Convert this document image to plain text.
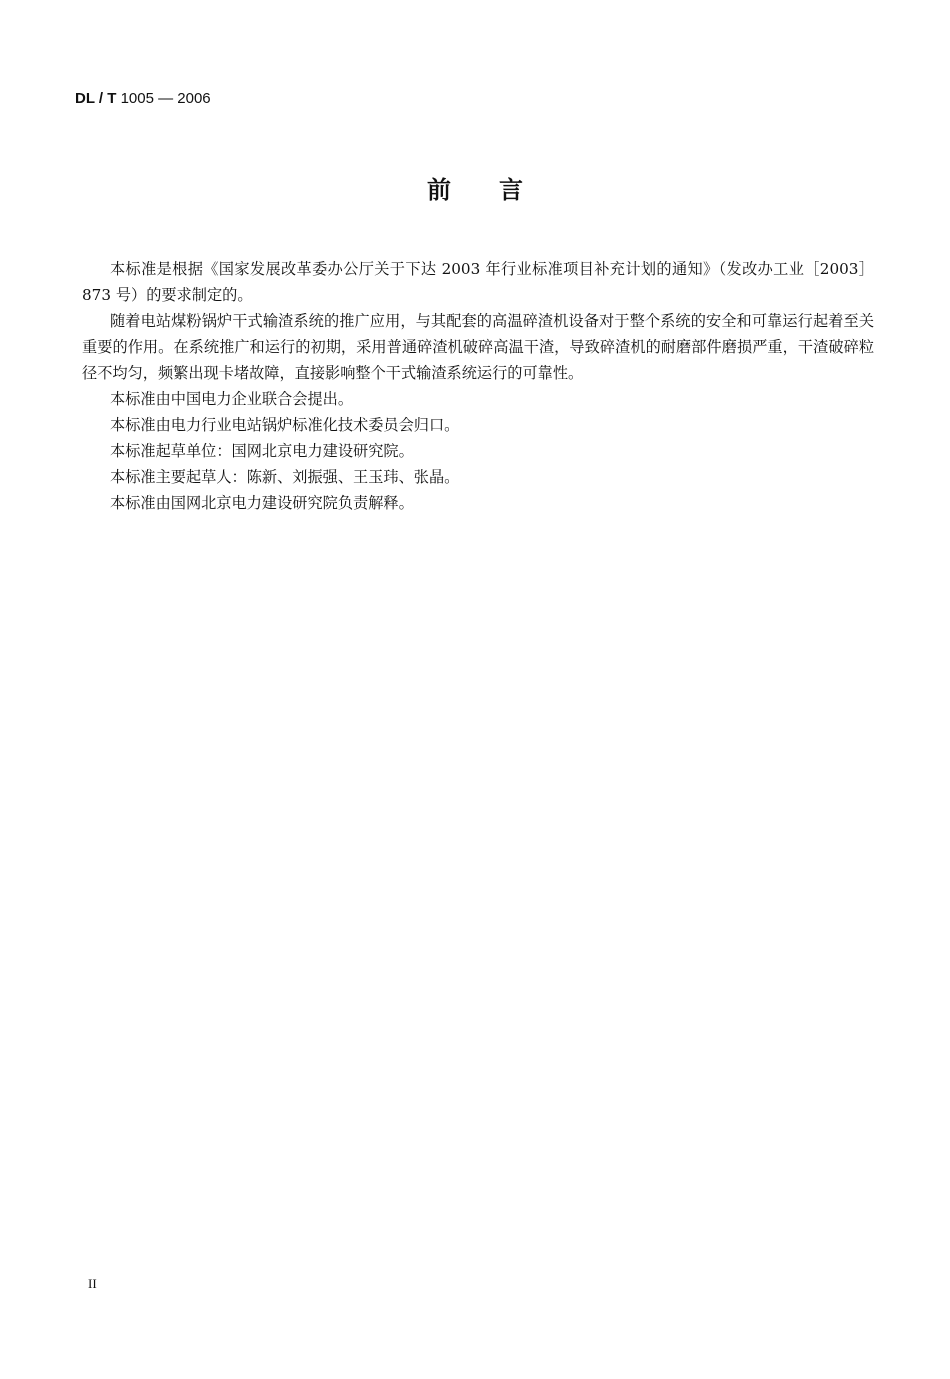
DL / T 1005 — 2006
前言

本标准是根据《国家发展改革委办公厅关于下达 2003 年行业标准项目补充计划的通知》（发改办工业［2003］873 号）的要求制定的。

随着电站煤粉锅炉干式输渣系统的推广应用，与其配套的高温碎渣机设备对于整个系统的安全和可靠运行起着至关重要的作用。在系统推广和运行的初期，采用普通碎渣机破碎高温干渣，导致碎渣机的耐磨部件磨损严重，干渣破碎粒径不均匀，频繁出现卡堵故障，直接影响整个干式输渣系统运行的可靠性。

本标准由中国电力企业联合会提出。

本标准由电力行业电站锅炉标准化技术委员会归口。

本标准起草单位：国网北京电力建设研究院。

本标准主要起草人：陈新、刘振强、王玉玮、张晶。

本标准由国网北京电力建设研究院负责解释。

II
